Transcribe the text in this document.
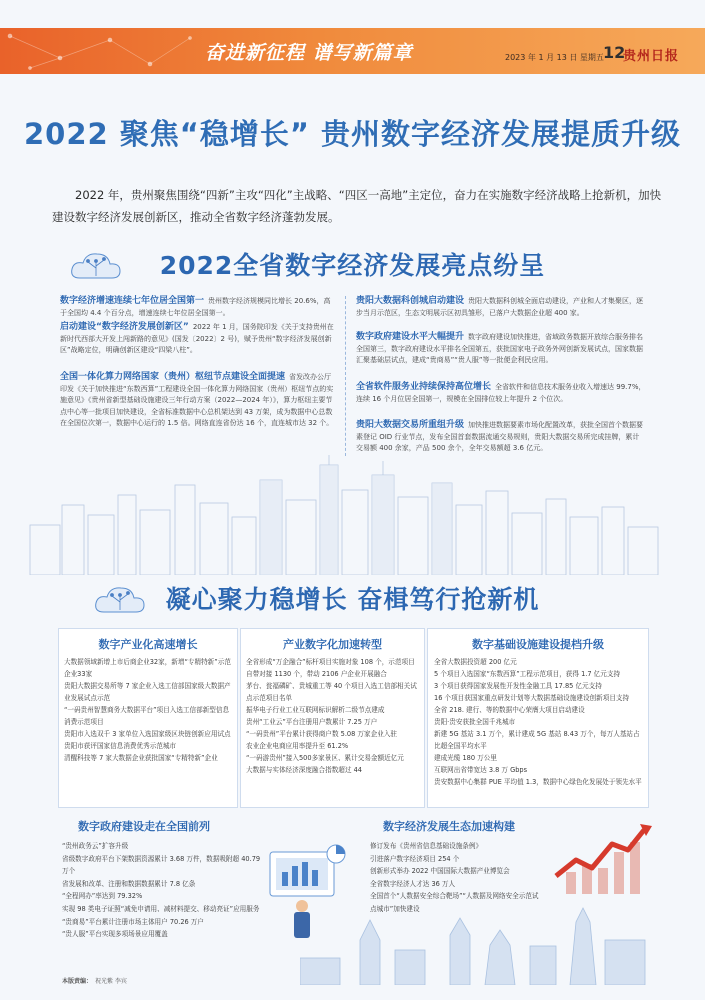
奋进新征程 谱写新篇章	2023 年 1 月 13 日 星期五 12
贵州日报
2022 聚焦“稳增长” 贵州数字经济发展提质升级
2022 年，贵州聚焦围绕“四新”主攻“四化”主战略、“四区一高地”主定位，奋力在实施数字经济战略上抢新机，加快建设数字经济发展创新区，推动全省数字经济蓬勃发展。
2022全省数字经济发展亮点纷呈
数字经济增速连续七年位居全国第一 贵州数字经济规模同比增长 20.6%，高于全国均 4.4 个百分点，增速连续七年位居全国第一。
启动建设“数字经济发展创新区” 2022 年 1 月，国务院印发《关于支持贵州在新时代西部大开发上闯新路的意见》(国发〔2022〕2 号)，赋予贵州“数字经济发展创新区”战略定位，明确创新区建设“四梁八柱”。
全国一体化算力网络国家（贵州）枢纽节点建设全面提速 省发改办公厅印发《关于加快推进“东数西算”工程建设全国一体化算力网络国家（贵州）枢纽节点的实施意见》《贵州省新型基础设施建设三年行动方案（2022—2024 年）》，算力枢纽主要节点中心等一批项目加快建设，全省标准数据中心总机架达到 43 万架，成为数据中心总数在全国位次第一，数据中心运行的 1.5 倍。网络直连省份达 16 个，直连城市达 32 个。
贵阳大数据科创城启动建设 贵阳大数据科创城全面启动建设，产业和人才集聚区，逐步当月示范区，生态文明展示区初具雏形，已落户大数据企业超 400 家。
数字政府建设水平大幅提升 数字政府建设加快推进，省域政务数据开放综合服务排名全国第三，数字政府建设水平排名全国第五，获批国家电子政务外网创新发展试点，国家数据汇聚基础层试点，建成“贵商易”“贵人服”等一批便企利民应用。
全省软件服务业持续保持高位增长 全省软件和信息技术服务业收入增速达 99.7%，连续 16 个月位居全国第一，规模在全国排位较上年提升 2 个位次。
贵阳大数据交易所重组升级 加快推进数据要素市场化配置改革，获批全国首个数据要素登记 OID 行业节点，发布全国首套数据流通交易规则，贵阳大数据交易所完成挂牌，累计交易额 400 余家，产品 500 余个，全年交易额超 3.6 亿元。
凝心聚力稳增长 奋楫笃行抢新机
数字产业化高速增长
大数据领域新增上市后商企业32家，新增“专精特新”示范企业33家
贵阳大数据交易所等 7 家企业入选工信部国家级大数据产业发展试点示范
“一码贵州智慧商务大数据平台”项目入选工信部新型信息消费示范项目
贵阳市入选双千 3 家单位入选国家级区块链创新应用试点
贵阳市获评国家信息消费优秀示范城市
清醒科技等 7 家大数据企业获批国家“专精特新”企业
产业数字化加速转型
全省形成“万企融合”标杆项目实施对象 108 个，示范项目自带对接 1130 个，带动 2106 户企业开展融合
茅台、瓮福磷矿、贵城重工等 40 个项目入选工信部相关试点示范项目名单
振华电子行业工业互联网标识解析二级节点建成
贵州“工业云”平台注册用户数累计 7.25 万户
“一码贵州”平台累计获得商户数 5.08 万家企业入驻
农业企业电商应用率提升至 61.2%
“一码游贵州”接入500多家景区、累计交易金额近亿元
大数据与实体经济深度融合指数超过 44
数字基础设施建设提档升级
全省大数据投资超 200 亿元
5 个项目入选国家“东数西算”工程示范项目，获得 1.7 亿元支持
3 个项目获得国家发展性开发性金融工具 17.85 亿元支持
16 个项目获国家重点研发计划等大数据基础设施建设创新项目支持
全省 218. 建行、等的数据中心荣膺大项目启动建设
贵阳·贵安获批全国千兆城市
新建 5G 基站 3.1 万个，累计建成 5G 基站 8.43 万个，每万人基站占比超全国平均水平
建成光缆 180 万公里
互联网出省带宽达 3.8 万 Gbps
贵安数据中心集群 PUE 平均值 1.3，数据中心绿色化发展处于领先水平
数字政府建设走在全国前列
“贵州政务云”扩容升级
省级数字政府平台下架数据资源累计 3.68 万件，数据吸附超 40.79 万个
省发展和改革、注册和数据数据累计 7.8 亿条
“全程网办”率达到 79.32%
实现 98 类电子证照“减免申请用、减材料提交、移动亮证”应用服务
“贵商易”平台累计注册市场主体用户 70.26 万户
“贵人服”平台实现多项场景应用覆盖
数字经济发展生态加速构建
修订发布《贵州省信息基础设施条例》
引进落户数字经济项目 254 个
创新形式举办 2022 中国国际大数据产业博览会
全省数字经济人才达 36 万人
全国首个“人数据安全综合靶场”“人数据及网络安全示范试点城市”加快建设
本版责编： 祝光紫 李宾
